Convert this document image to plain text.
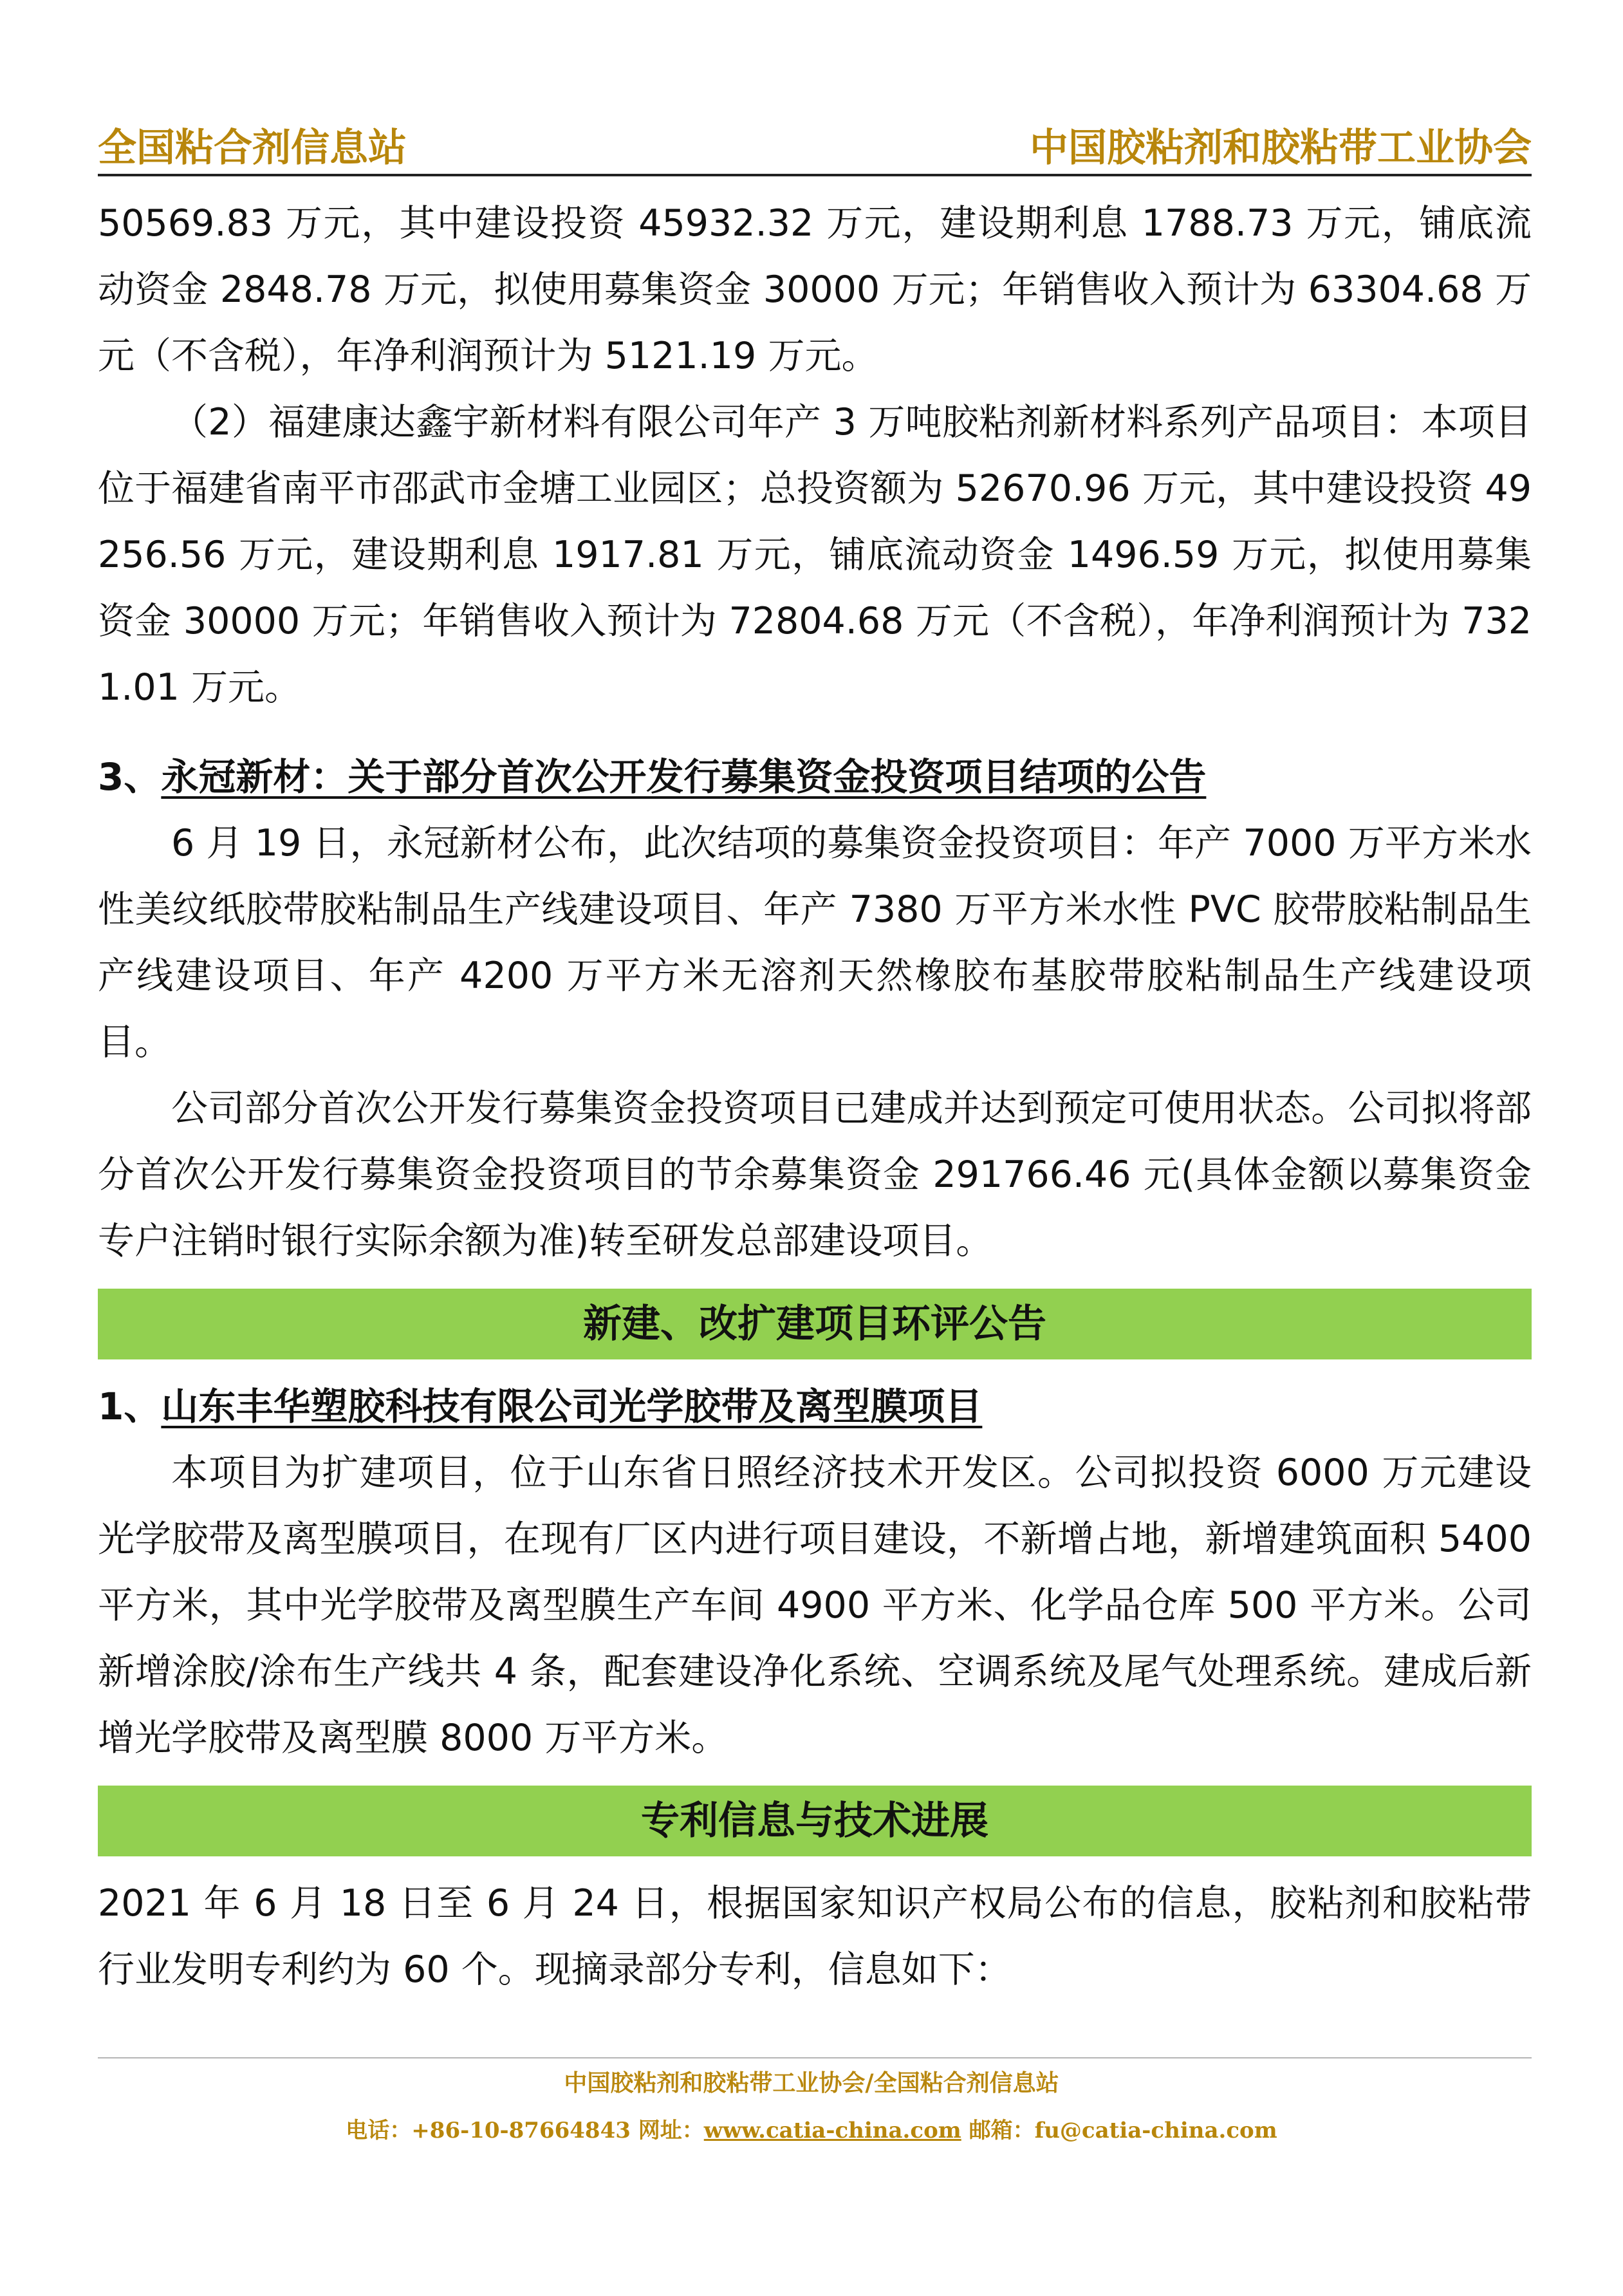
全国粘合剂信息站	中国胶粘剂和胶粘带工业协会

50569.83 万元，其中建设投资 45932.32 万元，建设期利息 1788.73 万元，铺底流动资金 2848.78 万元，拟使用募集资金 30000 万元；年销售收入预计为 63304.68 万元（不含税），年净利润预计为 5121.19 万元。

（2）福建康达鑫宇新材料有限公司年产 3 万吨胶粘剂新材料系列产品项目：本项目位于福建省南平市邵武市金塘工业园区；总投资额为 52670.96 万元，其中建设投资 49256.56 万元，建设期利息 1917.81 万元，铺底流动资金 1496.59 万元，拟使用募集资金 30000 万元；年销售收入预计为 72804.68 万元（不含税），年净利润预计为 7321.01 万元。

3、永冠新材：关于部分首次公开发行募集资金投资项目结项的公告

6 月 19 日，永冠新材公布，此次结项的募集资金投资项目：年产 7000 万平方米水性美纹纸胶带胶粘制品生产线建设项目、年产 7380 万平方米水性 PVC 胶带胶粘制品生产线建设项目、年产 4200 万平方米无溶剂天然橡胶布基胶带胶粘制品生产线建设项目。

公司部分首次公开发行募集资金投资项目已建成并达到预定可使用状态。公司拟将部分首次公开发行募集资金投资项目的节余募集资金 291766.46 元(具体金额以募集资金专户注销时银行实际余额为准)转至研发总部建设项目。

新建、改扩建项目环评公告

1、山东丰华塑胶科技有限公司光学胶带及离型膜项目

本项目为扩建项目，位于山东省日照经济技术开发区。公司拟投资 6000 万元建设光学胶带及离型膜项目，在现有厂区内进行项目建设，不新增占地，新增建筑面积 5400 平方米，其中光学胶带及离型膜生产车间 4900 平方米、化学品仓库 500 平方米。公司新增涂胶/涂布生产线共 4 条，配套建设净化系统、空调系统及尾气处理系统。建成后新增光学胶带及离型膜 8000 万平方米。

专利信息与技术进展

2021 年 6 月 18 日至 6 月 24 日，根据国家知识产权局公布的信息，胶粘剂和胶粘带行业发明专利约为 60 个。现摘录部分专利，信息如下：

中国胶粘剂和胶粘带工业协会/全国粘合剂信息站
电话：+86-10-87664843 网址：www.catia-china.com 邮箱：fu@catia-china.com
